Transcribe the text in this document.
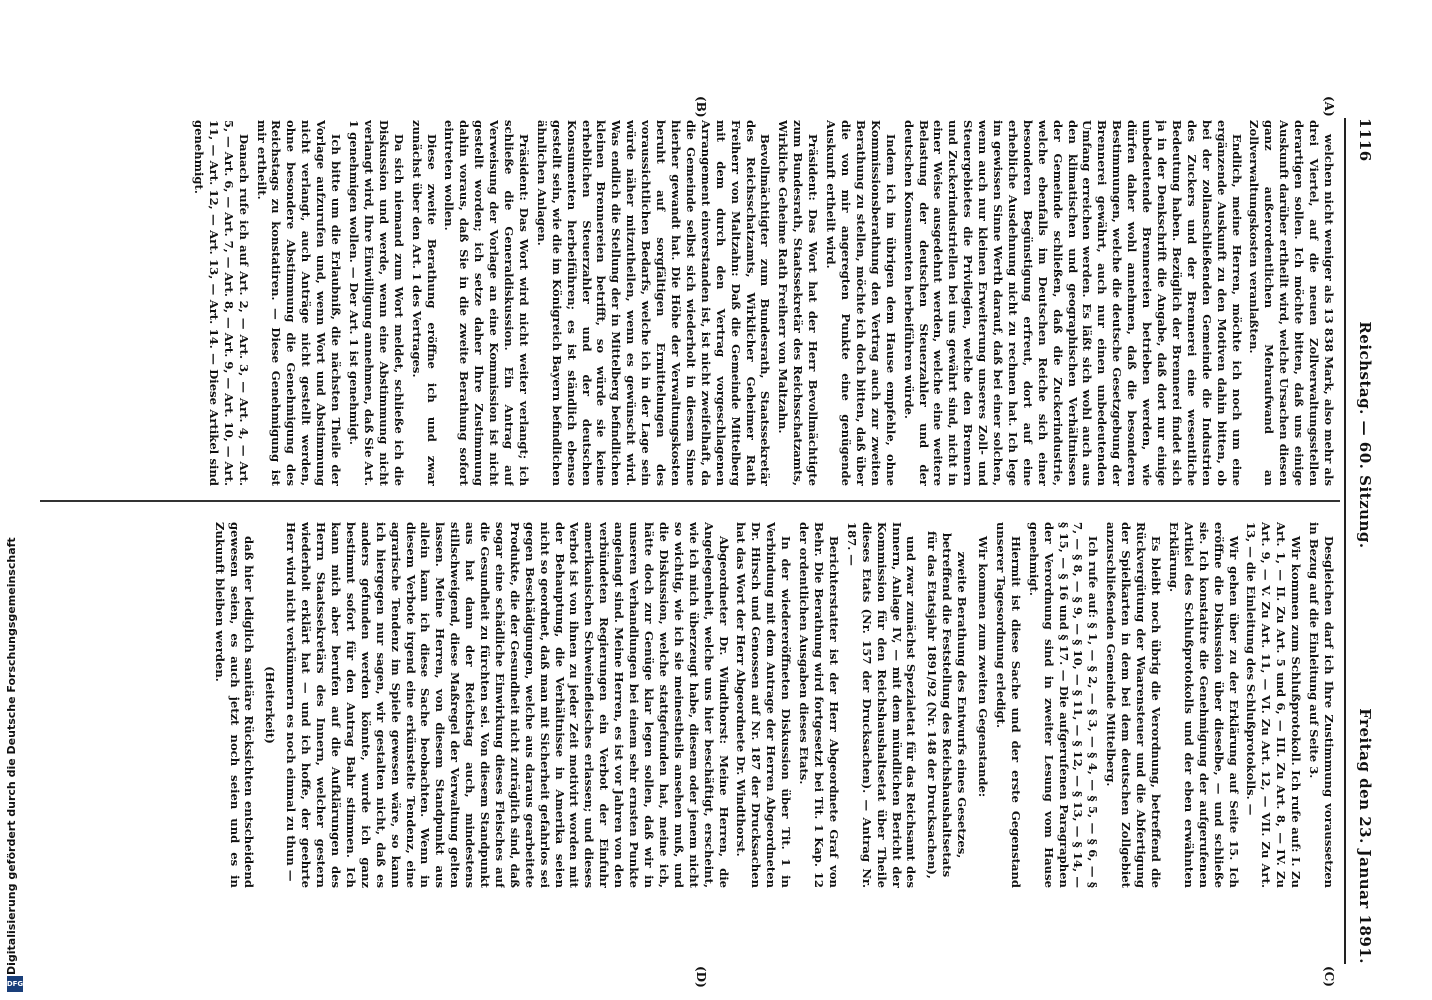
1116
Reichstag. — 60. Sitzung.
Freitag den 23. Januar 1891.
(A)
(B)
(C)
(D)

welchen nicht weniger als 13 838 Mark, also mehr als drei Viertel, auf die neuen Zollverwaltungsstellen derartigen sollen. Ich möchte bitten, daß uns einige Auskunft darüber ertheilt wird, welche Ursachen diesen ganz außerordentlichen Mehraufwand an Zollverwaltungskosten veranlaßten.

Endlich, meine Herren, möchte ich noch um eine ergänzende Auskunft zu den Motiven dahin bitten, ob bei der zollanschließenden Gemeinde die Industrien des Zuckers und der Brennerei eine wesentliche Bedeutung haben. Bezüglich der Brennerei findet sich ja in der Denkschrift die Angabe, daß dort nur einige unbedeutende Brennereien betrieben werden, wie dürfen daher wohl annehmen, daß die besonderen Bestimmungen, welche die deutsche Gesetzgebung der Brennerei gewährt, auch nur einen unbedeutenden Umfang erreichen werden. Es läßt sich wohl auch aus den klimatischen und geographischen Verhältnissen der Gemeinde schließen, daß die Zuckerindustrie, welche ebenfalls im Deutschen Reiche sich einer besonderen Begünstigung erfreut, dort auf eine erhebliche Ausdehnung nicht zu rechnen hat. Ich lege im gewissen Sinne Werth darauf, daß bei einer solchen, wenn auch nur kleinen Erweiterung unseres Zoll- und Steuergebietes die Privilegien, welche den Brennern und Zuckerindustriellen bei uns gewährt sind, nicht in einer Weise ausgedehnt werden, welche eine weitere Belastung der deutschen Steuerzahler und der deutschen Konsumenten herbeiführen würde.

Indem ich im übrigen dem Hause empfehle, ohne Kommissionsberathung den Vertrag auch zur zweiten Berathung zu stellen, möchte ich doch bitten, daß über die von mir angeregten Punkte eine genügende Auskunft ertheilt wird.

Präsident: Das Wort hat der Herr Bevollmächtigte zum Bundesrath, Staatssekretär des Reichsschatzamts, Wirkliche Geheime Rath Freiherr von Maltzahn.

Bevollmächtigter zum Bundesrath, Staatssekretär des Reichsschatzamts, Wirklicher Geheimer Rath Freiherr von Maltzahn: Daß die Gemeinde Mittelberg mit dem durch den Vertrag vorgeschlagenen Arrangement einverstanden ist, ist nicht zweifelhaft, da die Gemeinde selbst sich wiederholt in diesem Sinne hierher gewandt hat. Die Höhe der Verwaltungskosten beruht auf sorgfältigen Ermittelungen des voraussichtlichen Bedarfs, welche ich in der Lage sein würde näher mitzutheilen, wenn es gewünscht wird. Was endlich die Stellung der in Mittelberg befindlichen kleinen Brennereien betrifft, so würde sie keine erheblichen Steuerzahler und der deutschen Konsumenten herbeiführen; es ist ständlich ebenso gestellt sein, wie die im Königreich Bayern befindlichen ähnlichen Anlagen.

Präsident: Das Wort wird nicht weiter verlangt; ich schließe die Generaldiskussion. Ein Antrag auf Verweisung der Vorlage an eine Kommission ist nicht gestellt worden; ich setze daher Ihre Zustimmung dahin voraus, daß Sie in die zweite Berathung sofort eintreten wollen.

Diese zweite Berathung eröffne ich und zwar zunächst über den Art. 1 des Vertrages.

Da sich niemand zum Wort meldet, schließe ich die Diskussion und werde, wenn eine Abstimmung nicht verlangt wird, Ihre Einwilligung annehmen, daß Sie Art. 1 genehmigen wollen. — Der Art. 1 ist genehmigt.

Ich bitte um die Erlaubniß, die nächsten Theile der Vorlage aufzurufen und, wenn Wort und Abstimmung nicht verlangt, auch Anträge nicht gestellt werden, ohne besondere Abstimmung die Genehmigung des Reichstags zu konstatiren. — Diese Genehmigung ist mir ertheilt.

Danach rufe ich auf Art. 2, — Art. 3, — Art. 4, — Art. 5, — Art. 6, — Art. 7, — Art. 8, — Art. 9, — Art. 10, — Art. 11, — Art. 12, — Art. 13, — Art. 14. — Diese Artikel sind genehmigt.

Desgleichen darf ich Ihre Zustimmung voraussetzen in Bezug auf die Einleitung auf Seite 3.

Wir kommen zum Schlußprotokoll. Ich rufe auf: I. Zu Art. 1, — II. Zu Art. 5 und 6, — III. Zu Art. 8, — IV. Zu Art. 9, — V. Zu Art. 11, — VI. Zu Art. 12, — VII. Zu Art. 13, — die Einleitung des Schlußprotokolls. —

Wir gehen über zu der Erklärung auf Seite 15. Ich eröffne die Diskussion über dieselbe, — und schließe sie. Ich konstatire die Genehmigung der aufgerufenen Artikel des Schlußprotokolls und der eben erwähnten Erklärung.

Es bleibt noch übrig die Verordnung, betreffend die Rückvergütung der Waarensteuer und die Abfertigung der Spielkarten in dem bei dem deutschen Zollgebiet anzuschließenden Gemeinde Mittelberg.

Ich rufe auf: § 1, — § 2, — § 3, — § 4, — § 5, — § 6, — § 7, — § 8, — § 9, — § 10, — § 11, — § 12, — § 13, — § 14, — § 15, — § 16 und § 17. — Die aufgerufenen Paragraphen der Verordnung sind in zweiter Lesung vom Hause genehmigt.

Hiermit ist diese Sache und der erste Gegenstand unserer Tagesordnung erledigt.

Wir kommen zum zweiten Gegenstande:

zweite Berathung des Entwurfs eines Gesetzes, betreffend die Feststellung des Reichshaushaltsetats für das Etatsjahr 1891/92 (Nr. 148 der Drucksachen),

und zwar zunächst Spezialetat für das Reichsamt des Innern, Anlage IV, — mit dem mündlichen Bericht der Kommission für den Reichshaushaltsetat über Theile dieses Etats (Nr. 157 der Drucksachen). — Antrag Nr. 187. —

Berichterstatter ist der Herr Abgeordnete Graf von Behr. Die Berathung wird fortgesetzt bei Tit. 1 Kap. 12 der ordentlichen Ausgaben dieses Etats.

In der wiedereröffneten Diskussion über Tit. 1 in Verbindung mit dem Antrage der Herren Abgeordneten Dr. Hirsch und Genossen auf Nr. 187 der Drucksachen hat das Wort der Herr Abgeordnete Dr. Windthorst.

Abgeordneter Dr. Windthorst: Meine Herren, die Angelegenheit, welche uns hier beschäftigt, erscheint, wie ich mich überzeugt habe, diesem oder jenem nicht so wichtig, wie ich sie meinestheils ansehen muß, und die Diskussion, welche stattgefunden hat, meine ich, hätte doch zur Genüge klar legen sollen, daß wir in unseren Verhandlungen bei einem sehr ernsten Punkte angelangt sind. Meine Herren, es ist vor Jahren von den verbündeten Regierungen ein Verbot der Einfuhr amerikanischen Schweinefleisches erlassen; und dieses Verbot ist von ihnen zu jeder Zeit motivirt worden mit der Behauptung, die Verhältnisse in Amerika seien nicht so geordnet, daß man mit Sicherheit gefahrlos sei gegen Beschädigungen, welche aus daraus gearbeitete Produkte, die der Gesundheit nicht zuträglich sind, daß sogar eine schädliche Einwirkung dieses Fleisches auf die Gesundheit zu fürchten sei. Von diesem Standpunkt aus hat dann der Reichstag auch, mindestens stillschweigend, diese Maßregel der Verwaltung gelten lassen. Meine Herren, von diesem Standpunkt aus allein kann ich diese Sache beobachten. Wenn in diesem Verbote irgend eine erkünstelte Tendenz, eine agrarische Tendenz im Spiele gewesen wäre, so kann ich hiergegen nur sagen, wir gestalten nicht, daß es anders gefunden werden könnte, wurde ich ganz bestimmt sofort für den Antrag Bahr stimmen. Ich kann mich aber berufen auf die Aufklärungen des Herrn Staatssekretärs des Innern, welcher gestern wiederholt erklärt hat — und ich hoffe, der geehrte Herr wird nicht verkümmern es noch einmal zu thun —

(Heiterkeit)

daß hier lediglich sanitäre Rücksichten entscheidend gewesen seien, es auch jetzt noch seien und es in Zukunft bleiben werden.

Digitalisierung gefördert durch die Deutsche Forschungsgemeinschaft
DFG
